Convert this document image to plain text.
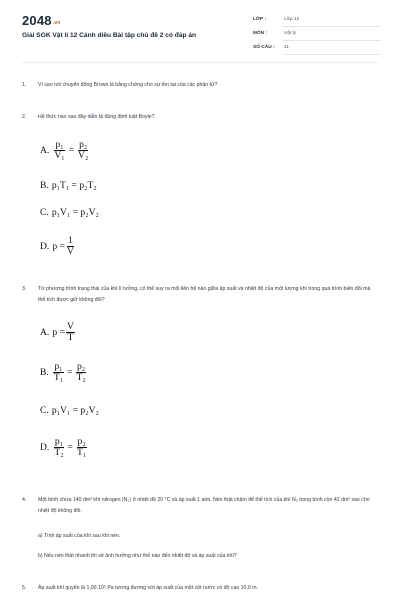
$2048^{.vn}$
Giải SGK Vật lí 12 Cánh diều Bài tập chủ đề 2 có đáp án
LỚP :	Lớp 12
MÔN :	Vật lý
SỐ CÂU : 11
1. Vì sao nói chuyển động Brown là bằng chứng cho sự tồn tại của các phân tử?
2. Hệ thức nào sau đây diễn tả đúng định luật Boyle?
A. $\frac{\text{p₁}}{\text{V₁}} = \frac{\text{p₂}}{\text{V₂}}$
B. p₁T₁ = p₂T₂
C. p₁V₁ = p₂V₂
D. $p = \frac{1}{V}$
3. Từ phương trình trạng thái của khí lí tưởng, có thể suy ra mối liên hệ nào giữa áp suất và nhiệt độ của một lượng khí trong quá trình biến đổi mà thể tích được giữ không đổi?
A. $p = \frac{V}{T}$
B. $\frac{\text{p₁}}{\text{T₁}} = \frac{\text{p₂}}{\text{T₂}}$
C. p₁V₁ = p₂V₂
D. $\frac{\text{p₁}}{\text{T₂}} = \frac{\text{p₂}}{\text{T₁}}$
4. Một bình chứa 140 dm³ khí nitrogen (N₂) ở nhiệt độ 20 °C và áp suất 1 atm. Nén thật chậm để thể tích của khí N₂ trong bình còn 42 dm³ sao cho nhiệt độ không đổi.
a) Tính áp suất của khí sau khi nén.
b) Nếu nén thật nhanh thì sẽ ảnh hưởng như thế nào đến nhiệt độ và áp suất của khí?
5. Áp suất khí quyển là 1,00.10⁵ Pa tương đương với áp suất của một cột nước có độ cao 10,0 m.
